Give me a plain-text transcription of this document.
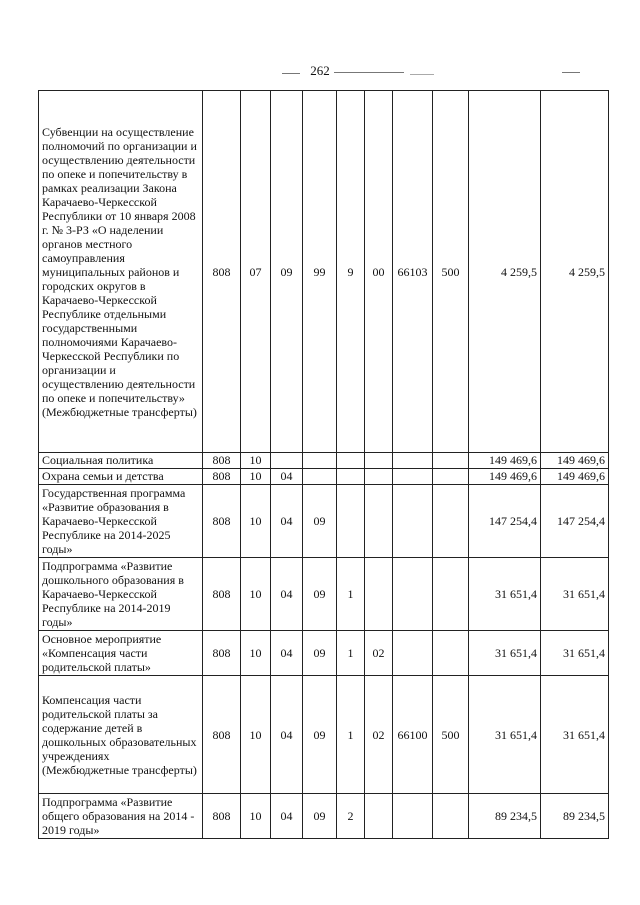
262
Субвенции на осуществление полномочий по организации и осуществлению деятельности по опеке и попечительству в рамках реализации Закона Карачаево-Черкесской Республики от 10 января 2008 г. № 3-РЗ «О наделении органов местного самоуправления муниципальных районов и городских округов в Карачаево-Черкесской Республике отдельными государственными полномочиями Карачаево-Черкесской Республики по организации и осуществлению деятельности по опеке и попечительству» (Межбюджетные трансферты)	808	07	09	99	9	00	66103	500	4 259,5	4 259,5
Социальная политика	808	10							149 469,6	149 469,6
Охрана семьи и детства	808	10	04						149 469,6	149 469,6
Государственная программа «Развитие образования в Карачаево-Черкесской Республике на 2014-2025 годы»	808	10	04	09					147 254,4	147 254,4
Подпрограмма «Развитие дошкольного образования в Карачаево-Черкесской Республике на 2014-2019 годы»	808	10	04	09	1				31 651,4	31 651,4
Основное мероприятие «Компенсация части родительской платы»	808	10	04	09	1	02			31 651,4	31 651,4
Компенсация части родительской платы за содержание детей в дошкольных образовательных учреждениях (Межбюджетные трансферты)	808	10	04	09	1	02	66100	500	31 651,4	31 651,4
Подпрограмма «Развитие общего образования на 2014 - 2019 годы»	808	10	04	09	2				89 234,5	89 234,5
